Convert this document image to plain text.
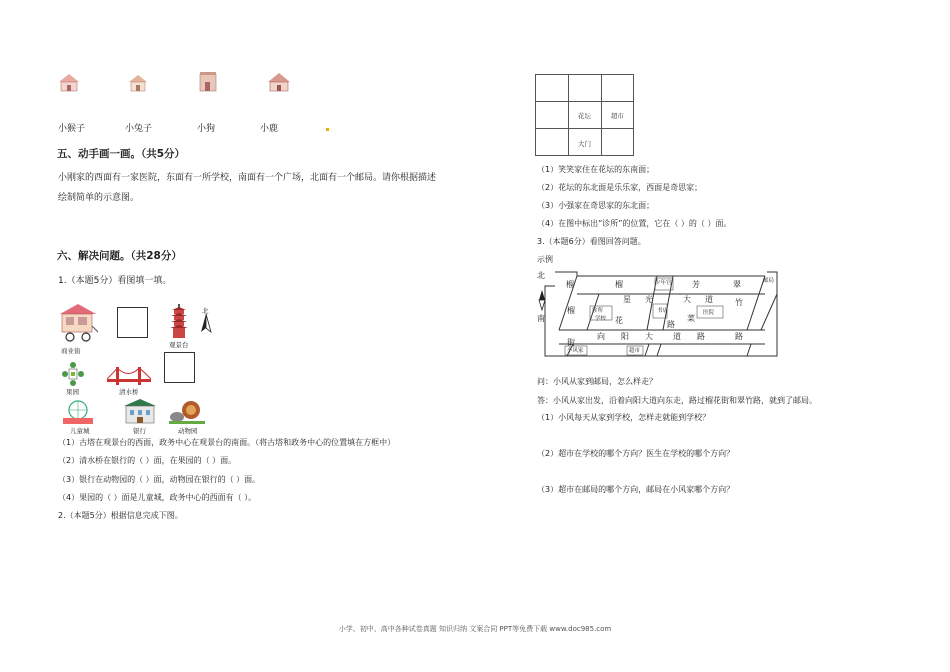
小猴子	小兔子	小狗	小鹿
五、动手画一画。（共5分）
小刚家的西面有一家医院，东面有一所学校，南面有一个广场，北面有一个邮局。请你根据描述
绘制简单的示意图。
六、解决问题。（共28分）
1.（本题5分）看图填一填。
商业街
观景台
北
果园	清水桥
儿童城	银行	动物园
（1）古塔在观景台的西面，政务中心在观景台的南面。（将古塔和政务中心的位置填在方框中）
（2）清水桥在银行的（ ）面，在果园的（ ）面。
（3）银行在动物园的（ ）面，动物园在银行的（ ）面。
（4）果园的（ ）面是儿童城，政务中心的西面有（ ）。
2.（本题5分）根据信息完成下图。
花坛	超市
大门
（1）笑笑家住在花坛的东南面；
（2）花坛的东北面是乐乐家，西面是奇思家；
（3）小强家在奇思家的东北面；
（4）在图中标出“诊所”的位置，它在（ ）的（ ）面。
3.（本题6分）看图回答问题。
示例
北
南
榴	榴	芳	翠
竹
路
星 光	大 道
向 阳 大	道 路
榴
花
街
路
菜
少年宫	邮局
诊所
学校
书店	医院
超市
小风家
问：小风从家到邮局，怎么样走？
答：小风从家出发，沿着向阳大道向东走，路过榴花街和翠竹路，就到了邮局。
（1）小风每天从家到学校，怎样走就能到学校？
（2）超市在学校的哪个方向？医生在学校的哪个方向？
（3）超市在邮局的哪个方向，邮局在小风家哪个方向？
小学、初中、高中各种试卷真题 知识归纳 文案合同 PPT等免费下载 www.doc985.com
